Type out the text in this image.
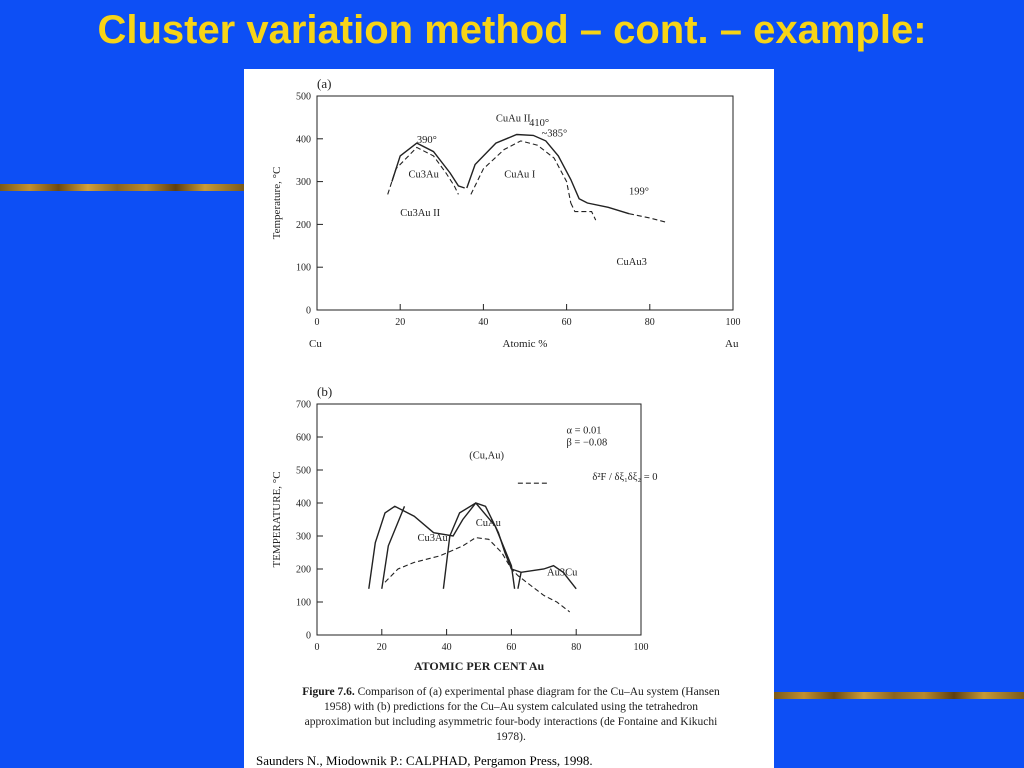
Cluster variation method – cont. – example:
(a)
0	20	40	60	80	100
0
100
200
300
400
500
Atomic %
Temperature, °C
Cu	Au
390°
CuAu II
410°
~385°
Cu3Au	CuAu I
Cu3Au II
199°
CuAu3
(b)
0	20	40	60	80	100
0
100
200
300
400
500
600
700
ATOMIC PER CENT Au
TEMPERATURE, °C
(Cu,Au)
α = 0.01
β = −0.08
δ²F / δξ₁δξ₂ = 0
Cu3Au
CuAu
Au3Cu
Figure 7.6. Comparison of (a) experimental phase diagram for the Cu–Au system (Hansen 1958) with (b) predictions for the Cu–Au system calculated using the tetrahedron approximation but including asymmetric four-body interactions (de Fontaine and Kikuchi 1978).
Saunders N., Miodownik P.: CALPHAD, Pergamon Press, 1998.
